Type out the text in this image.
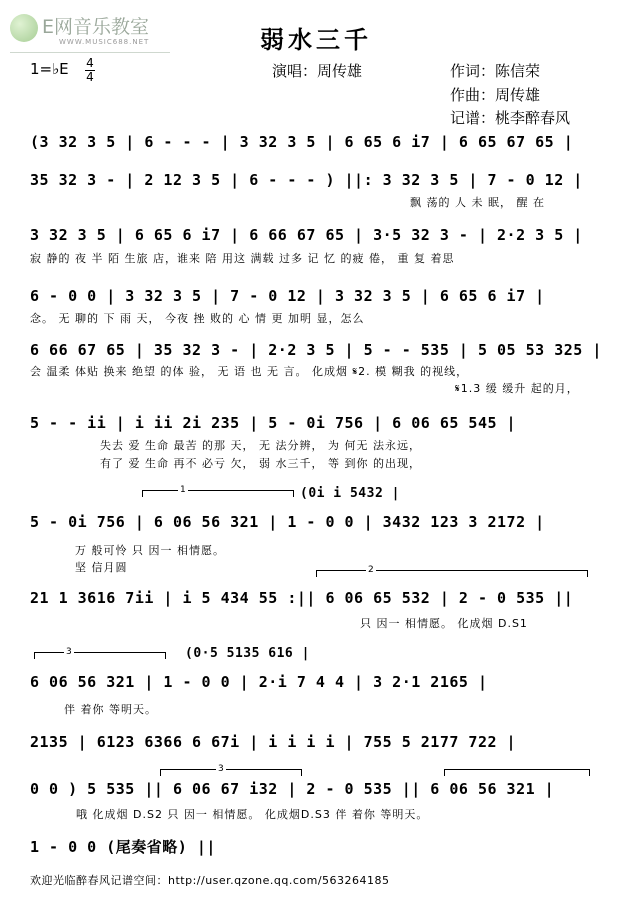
E网音乐教室
WWW.MUSIC688.NET	弱水三千
1=♭E 4
4	演唱：周传雄	作词：陈信荣
作曲：周传雄
记谱：桃李醉春风
(3 32 3 5 | 6 - - - | 3 32 3 5 | 6 65 6 i7 | 6 65 67 65 |
35 32 3 - | 2 12 3 5 | 6 - - - ) ||: 3 32 3 5 | 7 - 0 12 |
飘 荡的 人 未 眠， 醒 在
3 32 3 5 | 6 65 6 i7 | 6 66 67 65 | 3·5 32 3 - | 2·2 3 5 |
寂 静的 夜 半 陌 生旅 店，谁来 陪 用这 满载 过多 记 忆 的疲 倦， 重 复 着思
6 - 0 0 | 3 32 3 5 | 7 - 0 12 | 3 32 3 5 | 6 65 6 i7 |
念。 无 聊的 下 雨 天， 今夜 挫 败的 心 情 更 加明 显，怎么
6 66 67 65 | 35 32 3 - | 2·2 3 5 | 5 - - 535 | 5 05 53 325 |
会 温柔 体贴 换来 绝望 的体 验， 无 语 也 无 言。 化成烟 𝄋2. 模 糊我 的视线，
𝄋1.3 缓 缓升 起的月，
5 - - ii | i ii 2i 235 | 5 - 0i 756 | 6 06 65 545 |
失去 爱 生命 最苦 的那 天， 无 法分辨， 为 何无 法永远，
有了 爱 生命 再不 必亏 欠， 弱 水三千， 等 到你 的出现，
1	(0i i 5432 |
5 - 0i 756 | 6 06 56 321 | 1 - 0 0 | 3432 123 3 2172 |
万 般可怜 只 因一 相情愿。
坚 信月圆	2
21 1 3616 7ii | i 5 434 55 :|| 6 06 65 532 | 2 - 0 535 ||
只 因一 相情愿。 化成烟 D.S1
3	(0·5 5135 616 |
6 06 56 321 | 1 - 0 0 | 2·i 7 4 4 | 3 2·1 2165 |
伴 着你 等明天。
2135 | 6123 6366 6 67i | i i i i | 755 5 2177 722 |
3
0 0 ) 5 535 || 6 06 67 i32 | 2 - 0 535 || 6 06 56 321 |
哦 化成烟 D.S2 只 因一 相情愿。 化成烟D.S3 伴 着你 等明天。
1 - 0 0 (尾奏省略) ||
欢迎光临醉春风记谱空间：http://user.qzone.qq.com/563264185
